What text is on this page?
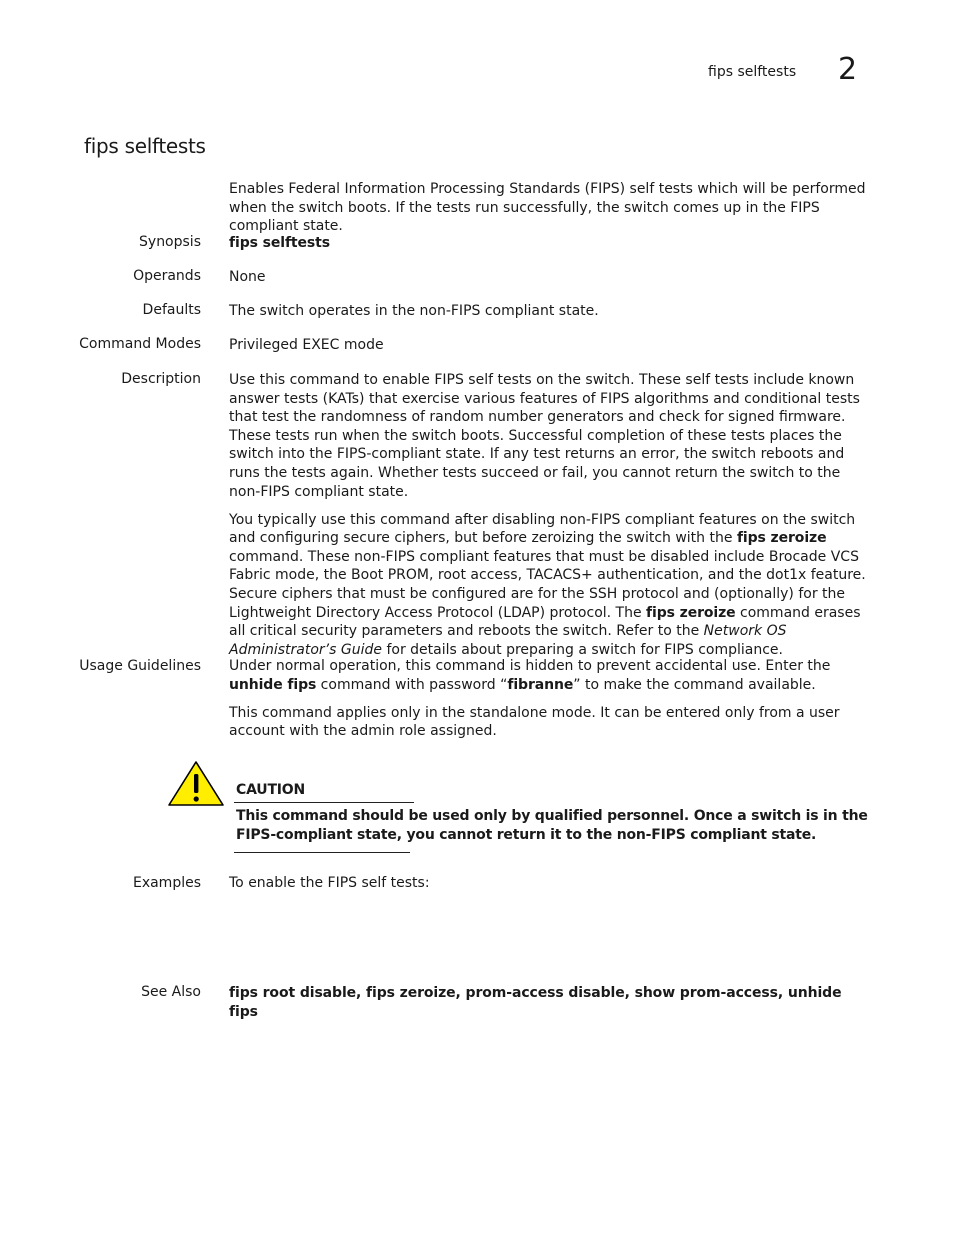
fips selftests 2
fips selftests
Enables Federal Information Processing Standards (FIPS) self tests which will be performed when the switch boots. If the tests run successfully, the switch comes up in the FIPS compliant state.
Synopsis fips selftests
Operands None
Defaults The switch operates in the non-FIPS compliant state.
Command Modes Privileged EXEC mode
Description Use this command to enable FIPS self tests on the switch. These self tests include known answer tests (KATs) that exercise various features of FIPS algorithms and conditional tests that test the randomness of random number generators and check for signed firmware. These tests run when the switch boots. Successful completion of these tests places the switch into the FIPS-compliant state. If any test returns an error, the switch reboots and runs the tests again. Whether tests succeed or fail, you cannot return the switch to the non-FIPS compliant state.

You typically use this command after disabling non-FIPS compliant features on the switch and configuring secure ciphers, but before zeroizing the switch with the fips zeroize command. These non-FIPS compliant features that must be disabled include Brocade VCS Fabric mode, the Boot PROM, root access, TACACS+ authentication, and the dot1x feature. Secure ciphers that must be configured are for the SSH protocol and (optionally) for the Lightweight Directory Access Protocol (LDAP) protocol. The fips zeroize command erases all critical security parameters and reboots the switch. Refer to the Network OS Administrator’s Guide for details about preparing a switch for FIPS compliance.

Usage Guidelines Under normal operation, this command is hidden to prevent accidental use. Enter the unhide fips command with password “fibranne” to make the command available.

This command applies only in the standalone mode. It can be entered only from a user account with the admin role assigned.

CAUTION
This command should be used only by qualified personnel. Once a switch is in the FIPS-compliant state, you cannot return it to the non-FIPS compliant state.
Examples To enable the FIPS self tests:
See Also fips root disable, fips zeroize, prom-access disable, show prom-access, unhide fips
